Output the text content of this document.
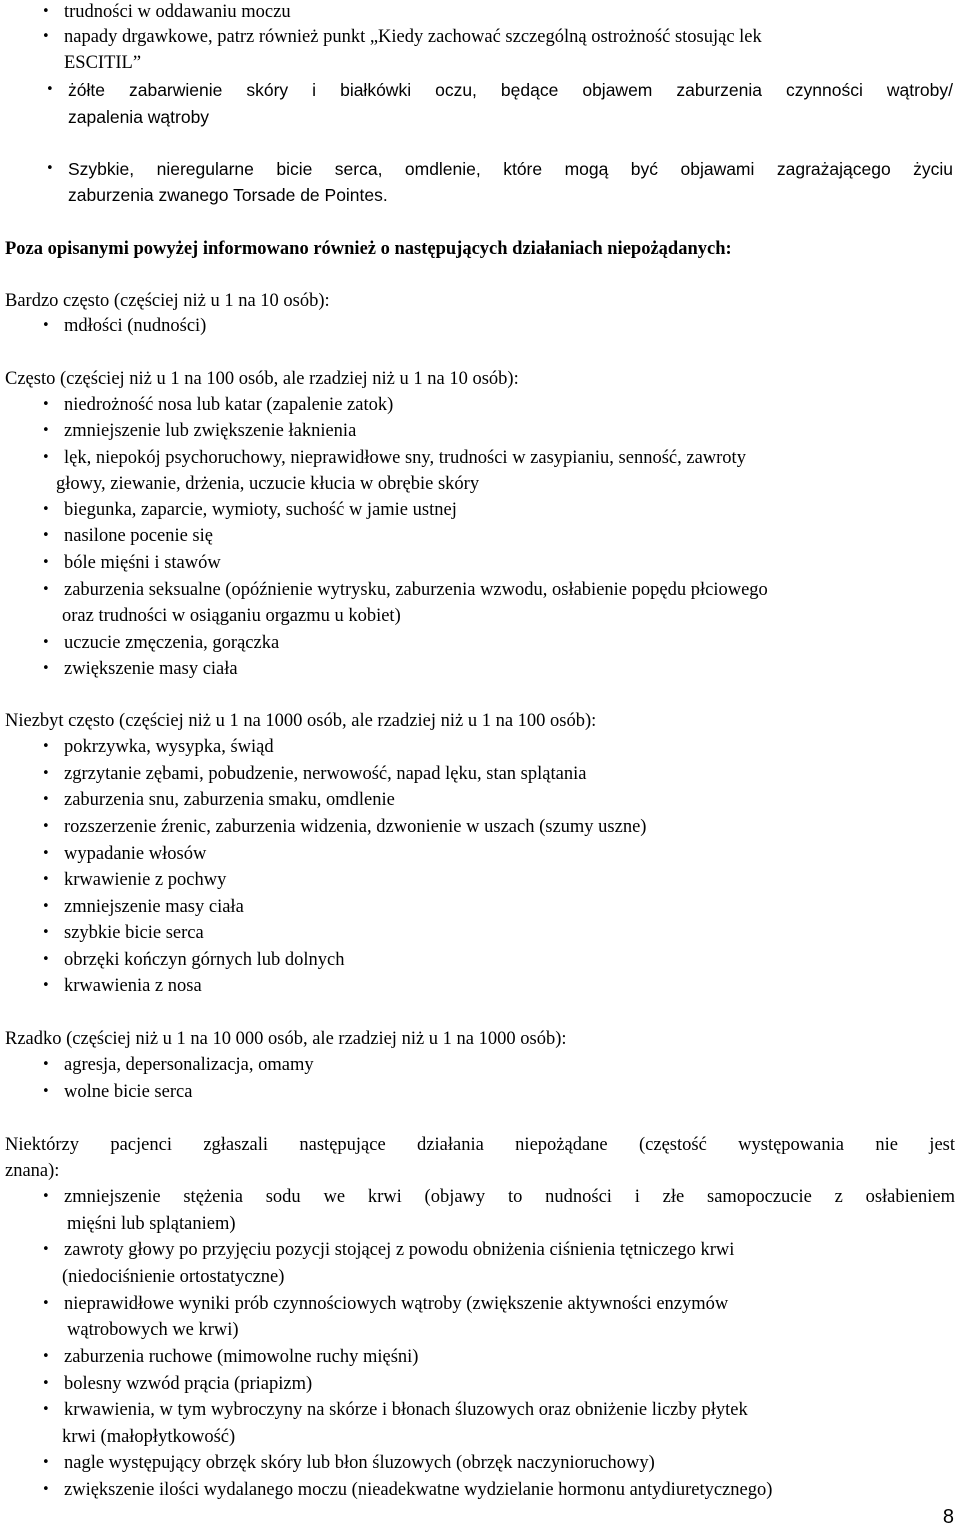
• trudności w oddawaniu moczu
• napady drgawkowe, patrz również punkt „Kiedy zachować szczególną ostrożność stosując lek
ESCITIL”
• żółte zabarwienie skóry i białkówki oczu, będące objawem zaburzenia czynności wątroby/
zapalenia wątroby
• Szybkie, nieregularne bicie serca, omdlenie, które mogą być objawami zagrażającego życiu
zaburzenia zwanego Torsade de Pointes.
Poza opisanymi powyżej informowano również o następujących działaniach niepożądanych:
Bardzo często (częściej niż u 1 na 10 osób):
• mdłości (nudności)
Często (częściej niż u 1 na 100 osób, ale rzadziej niż u 1 na 10 osób):
• niedrożność nosa lub katar (zapalenie zatok)
• zmniejszenie lub zwiększenie łaknienia
• lęk, niepokój psychoruchowy, nieprawidłowe sny, trudności w zasypianiu, senność, zawroty
głowy, ziewanie, drżenia, uczucie kłucia w obrębie skóry
• biegunka, zaparcie, wymioty, suchość w jamie ustnej
• nasilone pocenie się
• bóle mięśni i stawów
• zaburzenia seksualne (opóźnienie wytrysku, zaburzenia wzwodu, osłabienie popędu płciowego
oraz trudności w osiąganiu orgazmu u kobiet)
• uczucie zmęczenia, gorączka
• zwiększenie masy ciała
Niezbyt często (częściej niż u 1 na 1000 osób, ale rzadziej niż u 1 na 100 osób):
• pokrzywka, wysypka, świąd
• zgrzytanie zębami, pobudzenie, nerwowość, napad lęku, stan splątania
• zaburzenia snu, zaburzenia smaku, omdlenie
• rozszerzenie źrenic, zaburzenia widzenia, dzwonienie w uszach (szumy uszne)
• wypadanie włosów
• krwawienie z pochwy
• zmniejszenie masy ciała
• szybkie bicie serca
• obrzęki kończyn górnych lub dolnych
• krwawienia z nosa
Rzadko (częściej niż u 1 na 10 000 osób, ale rzadziej niż u 1 na 1000 osób):
• agresja, depersonalizacja, omamy
• wolne bicie serca
Niektórzy pacjenci zgłaszali następujące działania niepożądane (częstość występowania nie jest
znana):
• zmniejszenie stężenia sodu we krwi (objawy to nudności i złe samopoczucie z osłabieniem
mięśni lub splątaniem)
• zawroty głowy po przyjęciu pozycji stojącej z powodu obniżenia ciśnienia tętniczego krwi
(niedociśnienie ortostatyczne)
• nieprawidłowe wyniki prób czynnościowych wątroby (zwiększenie aktywności enzymów
wątrobowych we krwi)
• zaburzenia ruchowe (mimowolne ruchy mięśni)
• bolesny wzwód prącia (priapizm)
• krwawienia, w tym wybroczyny na skórze i błonach śluzowych oraz obniżenie liczby płytek
krwi (małopłytkowość)
• nagle występujący obrzęk skóry lub błon śluzowych (obrzęk naczynioruchowy)
• zwiększenie ilości wydalanego moczu (nieadekwatne wydzielanie hormonu antydiuretycznego)
8
